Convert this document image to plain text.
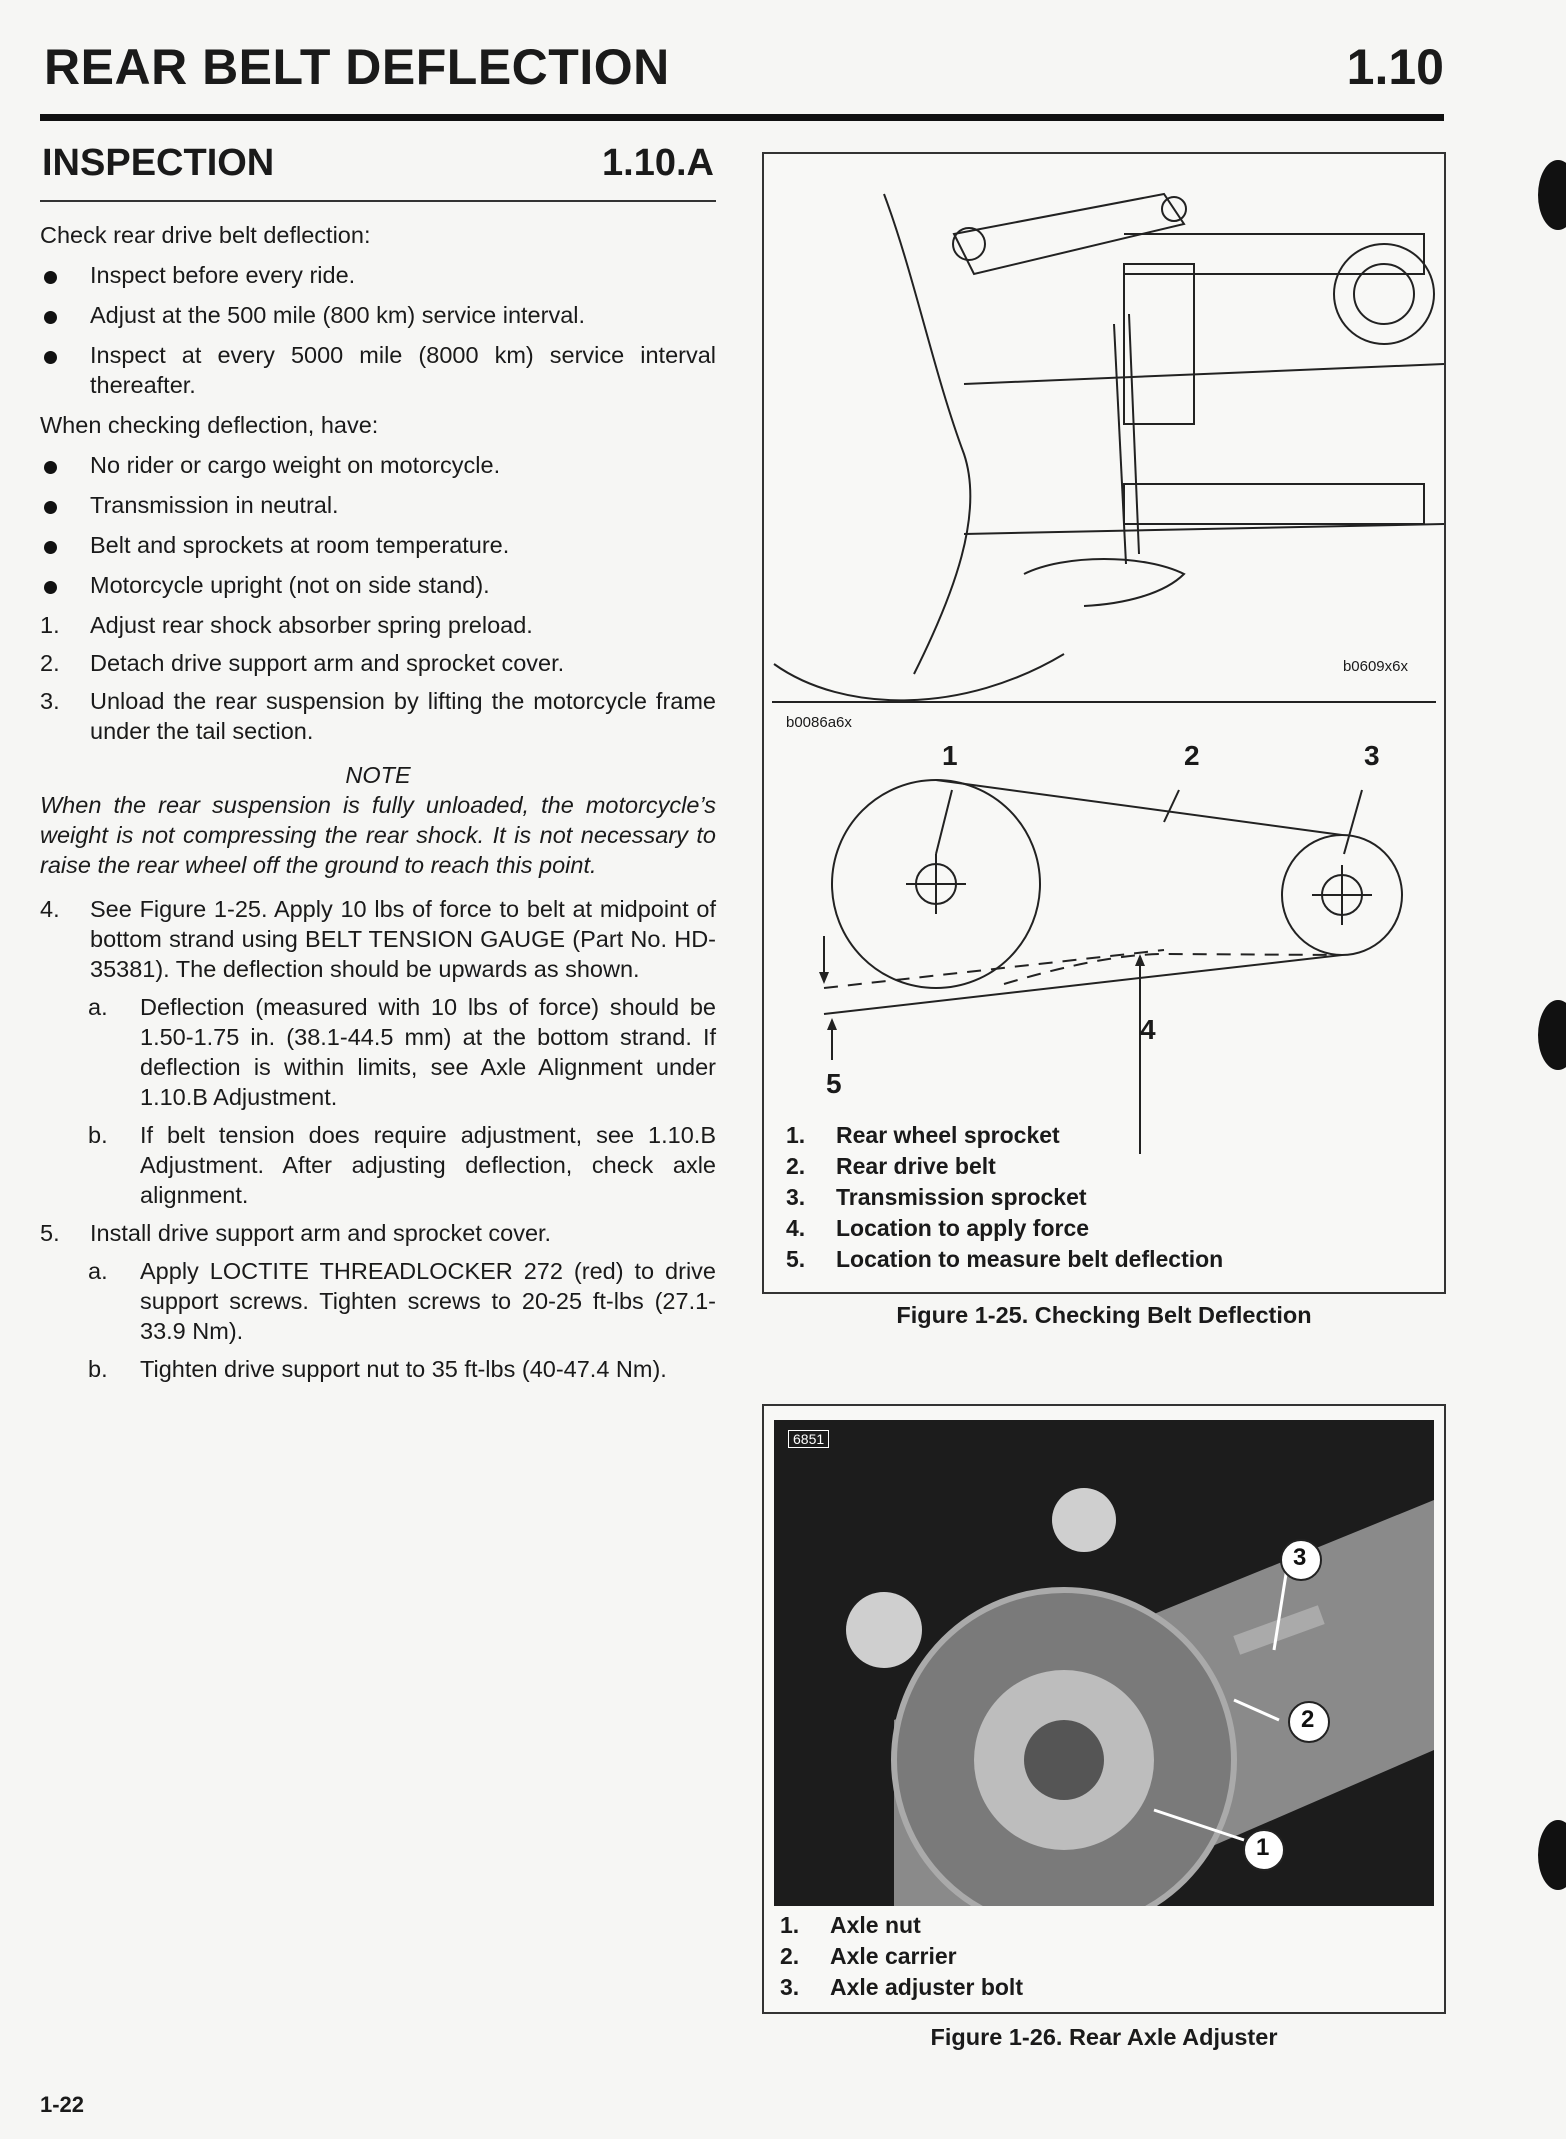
REAR BELT DEFLECTION	1.10
INSPECTION	1.10.A
Check rear drive belt deflection:
Inspect before every ride.
Adjust at the 500 mile (800 km) service interval.
Inspect at every 5000 mile (8000 km) service interval thereafter.
When checking deflection, have:
No rider or cargo weight on motorcycle.
Transmission in neutral.
Belt and sprockets at room temperature.
Motorcycle upright (not on side stand).
1. Adjust rear shock absorber spring preload.
2. Detach drive support arm and sprocket cover.
3. Unload the rear suspension by lifting the motorcycle frame under the tail section.
NOTE
When the rear suspension is fully unloaded, the motorcycle’s weight is not compressing the rear shock. It is not necessary to raise the rear wheel off the ground to reach this point.
4. See Figure 1-25. Apply 10 lbs of force to belt at midpoint of bottom strand using BELT TENSION GAUGE (Part No. HD-35381). The deflection should be upwards as shown.
a. Deflection (measured with 10 lbs of force) should be 1.50-1.75 in. (38.1-44.5 mm) at the bottom strand. If deflection is within limits, see Axle Alignment under 1.10.B Adjustment.
b. If belt tension does require adjustment, see 1.10.B Adjustment. After adjusting deflection, check axle alignment.
5. Install drive support arm and sprocket cover.
a. Apply LOCTITE THREADLOCKER 272 (red) to drive support screws. Tighten screws to 20-25 ft-lbs (27.1-33.9 Nm).
b. Tighten drive support nut to 35 ft-lbs (40-47.4 Nm).
b0609x6x
b0086a6x
1	2	3
4
5
1. Rear wheel sprocket
2. Rear drive belt
3. Transmission sprocket
4. Location to apply force
5. Location to measure belt deflection
Figure 1-25. Checking Belt Deflection
6851
3
2
1
1. Axle nut
2. Axle carrier
3. Axle adjuster bolt
Figure 1-26. Rear Axle Adjuster
1-22
